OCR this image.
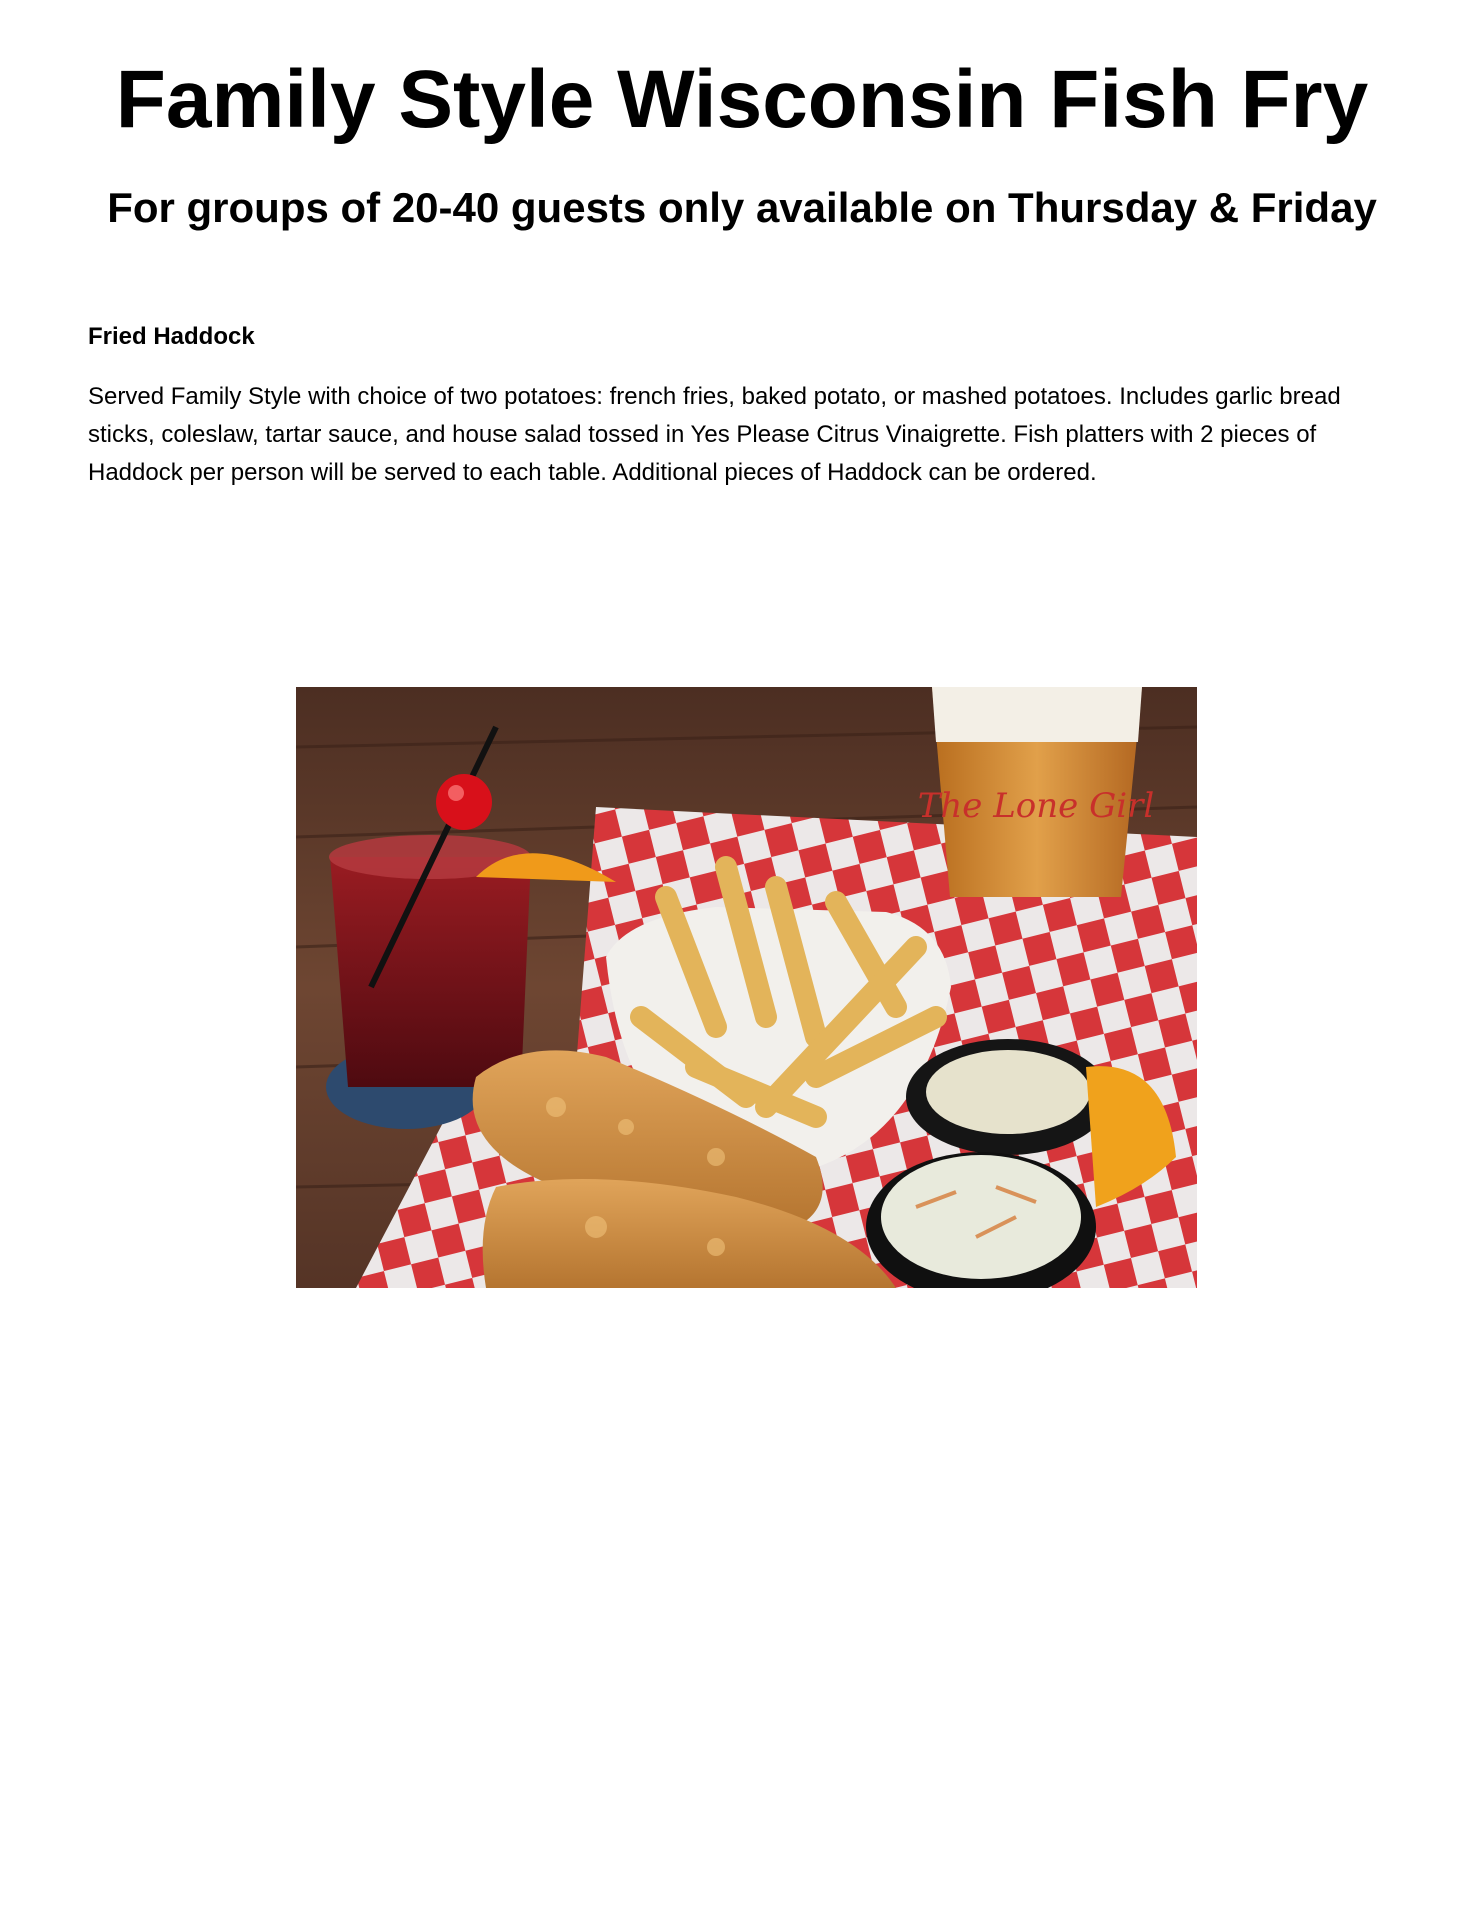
Family Style Wisconsin Fish Fry
For groups of 20-40 guests only available on Thursday & Friday

Fried Haddock

Served Family Style with choice of two potatoes: french fries, baked potato, or mashed potatoes. Includes garlic bread sticks, coleslaw, tartar sauce, and house salad tossed in Yes Please Citrus Vinaigrette. Fish platters with 2 pieces of Haddock per person will be served to each table. Additional pieces of Haddock can be ordered.

The Lone Girl
